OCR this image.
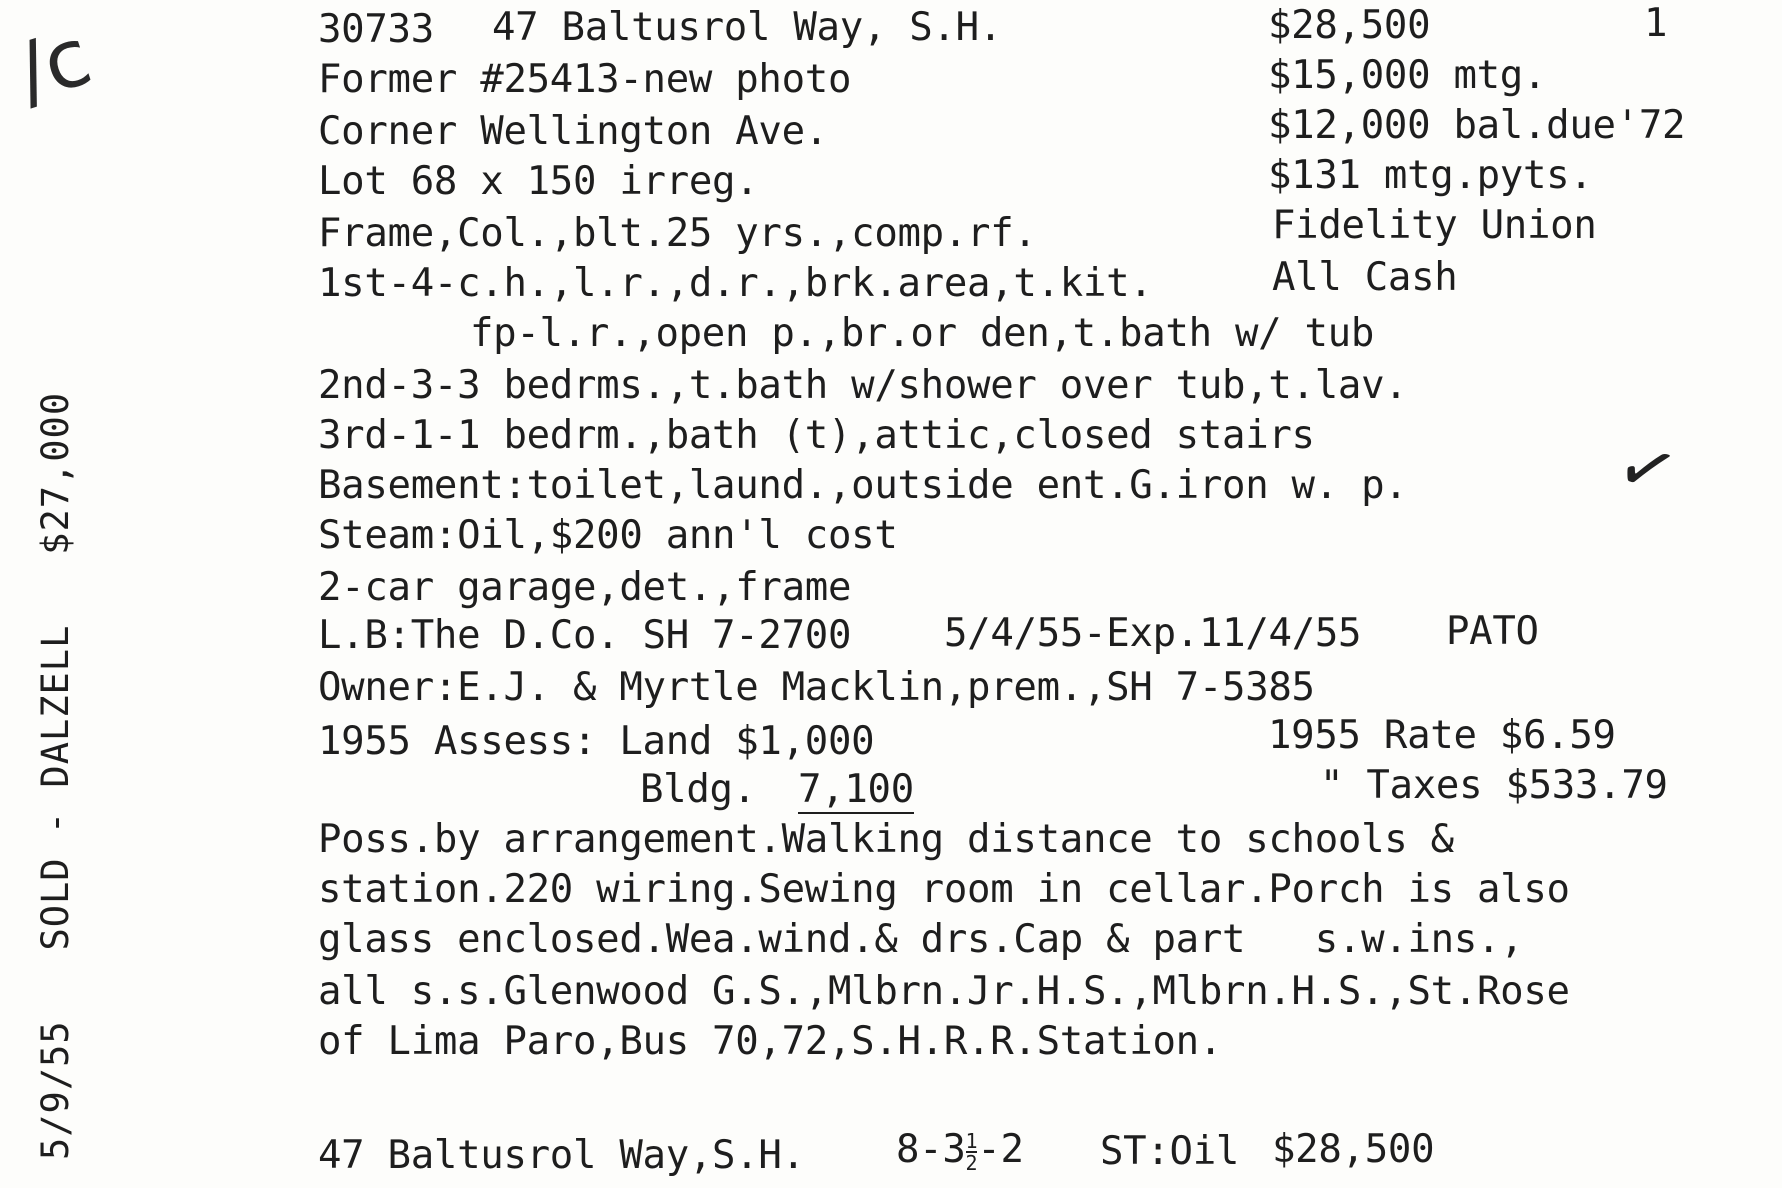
/c
5/9/55   SOLD - DALZELL   $27,000
30733 47 Baltusrol Way, S.H.	$28,500	1
Former #25413-new photo
Corner Wellington Ave.
Lot 68 x 150 irreg.
Frame,Col.,blt.25 yrs.,comp.rf.
1st-4-c.h.,l.r.,d.r.,brk.area,t.kit.
fp-l.r.,open p.,br.or den,t.bath w/ tub
2nd-3-3 bedrms.,t.bath w/shower over tub,t.lav.
3rd-1-1 bedrm.,bath (t),attic,closed stairs
Basement:toilet,laund.,outside ent.G.iron w. p.
Steam:Oil,$200 ann'l cost
2-car garage,det.,frame
$15,000 mtg.
$12,000 bal.due'72
$131 mtg.pyts.
Fidelity Union
All Cash
✓
L.B:The D.Co. SH 7-2700 5/4/55-Exp.11/4/55 PATO
Owner:E.J. & Myrtle Macklin,prem.,SH 7-5385
1955 Assess: Land $1,000
Bldg. 7,100
1955 Rate $6.59
" Taxes $533.79
Poss.by arrangement.Walking distance to schools &
station.220 wiring.Sewing room in cellar.Porch is also
glass enclosed.Wea.wind.& drs.Cap & part   s.w.ins.,
all s.s.Glenwood G.S.,Mlbrn.Jr.H.S.,Mlbrn.H.S.,St.Rose
of Lima Paro,Bus 70,72,S.H.R.R.Station.
47 Baltusrol Way,S.H. $8-3 \frac{1}{2} -2$ ST:Oil $28,500
